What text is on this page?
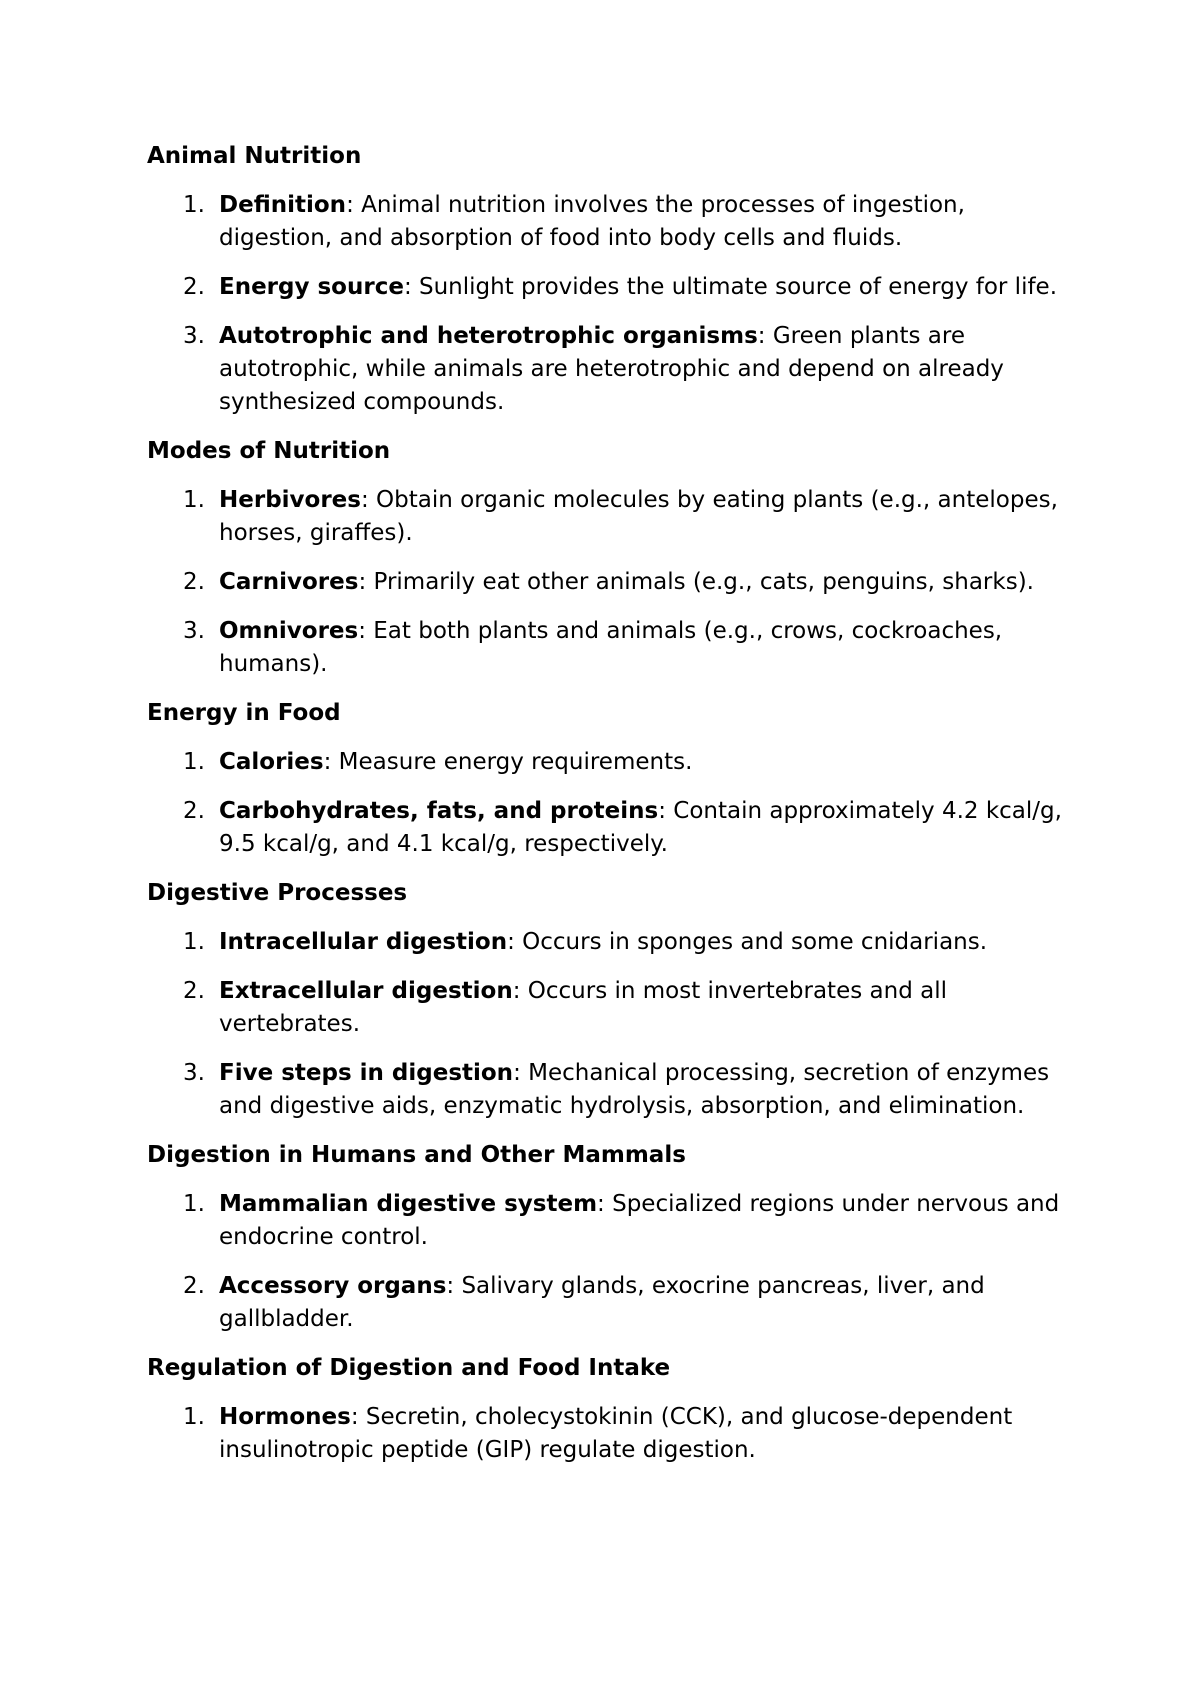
Animal Nutrition
1. Definition: Animal nutrition involves the processes of ingestion, digestion, and absorption of food into body cells and fluids.
2. Energy source: Sunlight provides the ultimate source of energy for life.
3. Autotrophic and heterotrophic organisms: Green plants are autotrophic, while animals are heterotrophic and depend on already synthesized compounds.
Modes of Nutrition
1. Herbivores: Obtain organic molecules by eating plants (e.g., antelopes, horses, giraffes).
2. Carnivores: Primarily eat other animals (e.g., cats, penguins, sharks).
3. Omnivores: Eat both plants and animals (e.g., crows, cockroaches, humans).
Energy in Food
1. Calories: Measure energy requirements.
2. Carbohydrates, fats, and proteins: Contain approximately 4.2 kcal/g, 9.5 kcal/g, and 4.1 kcal/g, respectively.
Digestive Processes
1. Intracellular digestion: Occurs in sponges and some cnidarians.
2. Extracellular digestion: Occurs in most invertebrates and all vertebrates.
3. Five steps in digestion: Mechanical processing, secretion of enzymes and digestive aids, enzymatic hydrolysis, absorption, and elimination.
Digestion in Humans and Other Mammals
1. Mammalian digestive system: Specialized regions under nervous and endocrine control.
2. Accessory organs: Salivary glands, exocrine pancreas, liver, and gallbladder.
Regulation of Digestion and Food Intake
1. Hormones: Secretin, cholecystokinin (CCK), and glucose-dependent insulinotropic peptide (GIP) regulate digestion.
